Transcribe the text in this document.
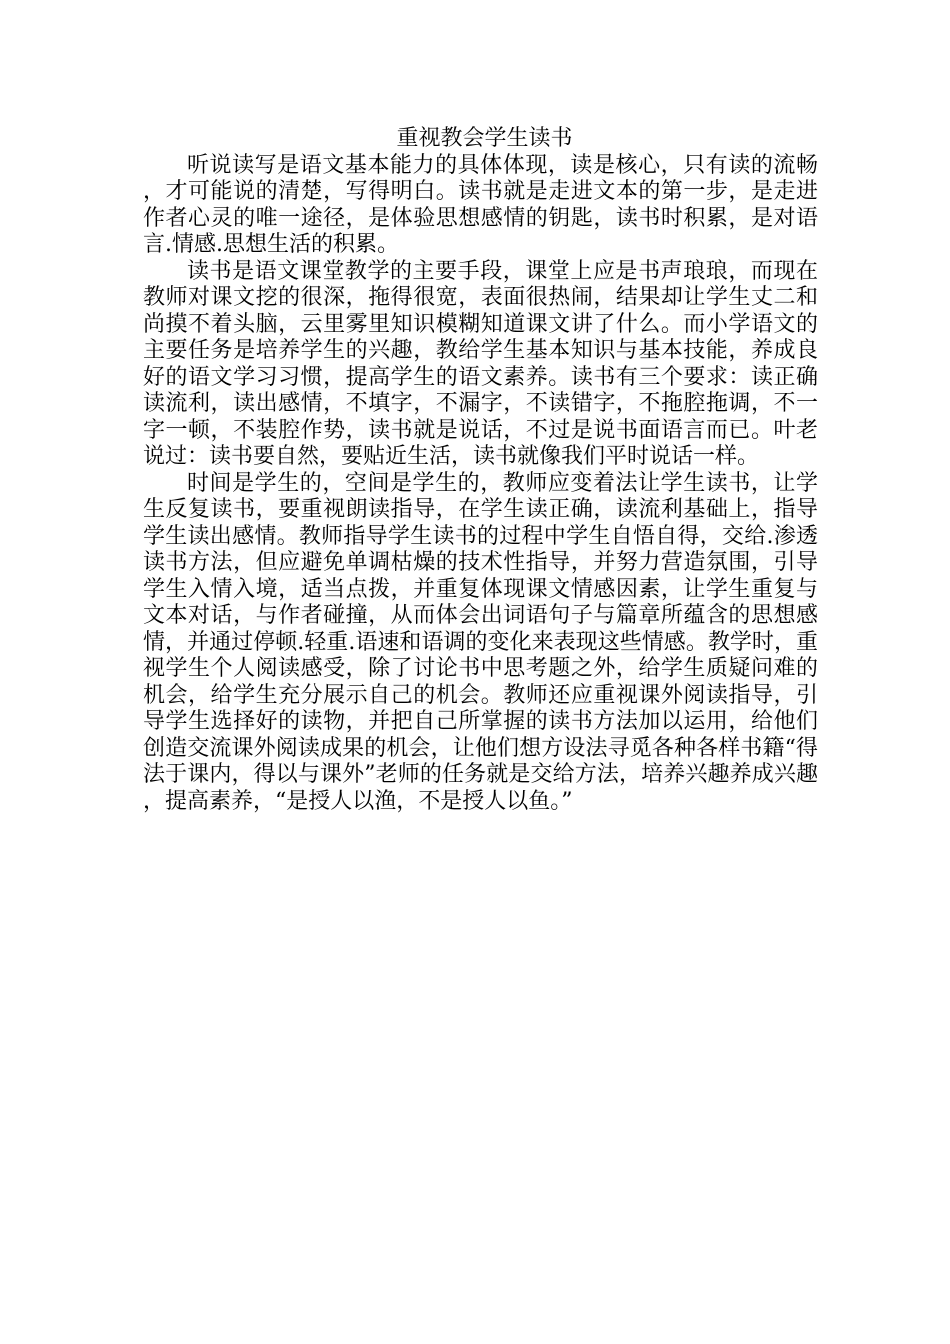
重视教会学生读书

听说读写是语文基本能力的具体体现，读是核心，只有读的流畅，才可能说的清楚，写得明白。读书就是走进文本的第一步，是走进作者心灵的唯一途径，是体验思想感情的钥匙，读书时积累，是对语言.情感.思想生活的积累。

读书是语文课堂教学的主要手段，课堂上应是书声琅琅，而现在教师对课文挖的很深，拖得很宽，表面很热闹，结果却让学生丈二和尚摸不着头脑，云里雾里知识模糊知道课文讲了什么。而小学语文的主要任务是培养学生的兴趣，教给学生基本知识与基本技能，养成良好的语文学习习惯，提高学生的语文素养。读书有三个要求：读正确读流利，读出感情，不填字，不漏字，不读错字，不拖腔拖调，不一字一顿，不装腔作势，读书就是说话，不过是说书面语言而已。叶老说过：读书要自然，要贴近生活，读书就像我们平时说话一样。

时间是学生的，空间是学生的，教师应变着法让学生读书，让学生反复读书，要重视朗读指导，在学生读正确，读流利基础上，指导学生读出感情。教师指导学生读书的过程中学生自悟自得，交给.渗透读书方法，但应避免单调枯燥的技术性指导，并努力营造氛围，引导学生入情入境，适当点拨，并重复体现课文情感因素，让学生重复与文本对话，与作者碰撞，从而体会出词语句子与篇章所蕴含的思想感情，并通过停顿.轻重.语速和语调的变化来表现这些情感。教学时，重视学生个人阅读感受，除了讨论书中思考题之外，给学生质疑问难的机会，给学生充分展示自己的机会。教师还应重视课外阅读指导，引导学生选择好的读物，并把自己所掌握的读书方法加以运用，给他们创造交流课外阅读成果的机会，让他们想方设法寻觅各种各样书籍“得法于课内，得以与课外”老师的任务就是交给方法，培养兴趣养成兴趣，提高素养，“是授人以渔，不是授人以鱼。”
